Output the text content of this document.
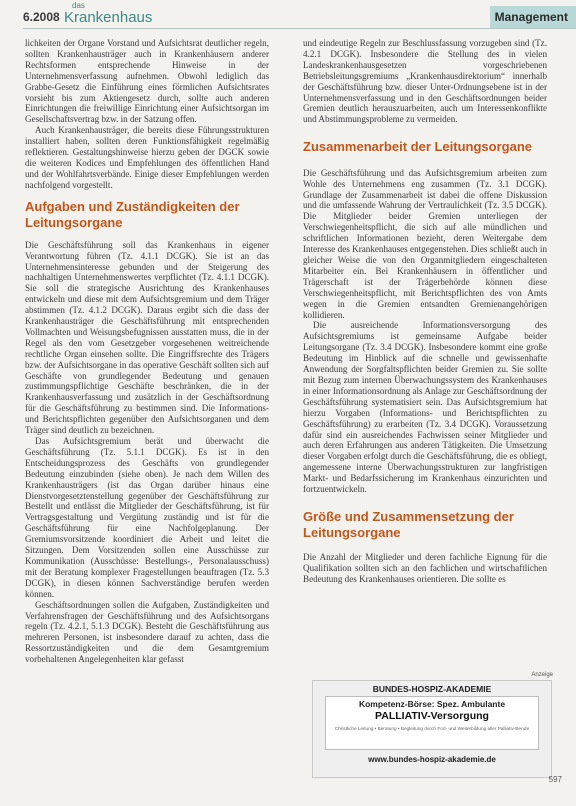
6.2008
das
Krankenhaus	Management

lichkeiten der Organe Vorstand und Aufsichtsrat deutlicher regeln, sollten Krankenhausträger auch in Krankenhäusern anderer Rechtsformen entsprechende Hinweise in der Unternehmensverfassung aufnehmen. Obwohl lediglich das Grabbe-Gesetz die Einführung eines förmlichen Aufsichtsrates vorsieht bis zum Aktiengesetz durch, sollte auch anderen Einrichtungen die freiwillige Einrichtung einer Aufsichtsorgan im Gesellschaftsvertrag bzw. in der Satzung offen.

Auch Krankenhausträger, die bereits diese Führungsstrukturen installiert haben, sollten deren Funktionsfähigkeit regelmäßig reflektieren. Gestaltungshinweise hierzu geben der DGCK sowie die weiteren Kodices und Empfehlungen des öffentlichen Hand und der Wohlfahrtsverbände. Einige dieser Empfehlungen werden nachfolgend vorgestellt.

Aufgaben und Zuständigkeiten der Leitungsorgane

Die Geschäftsführung soll das Krankenhaus in eigener Verantwortung führen (Tz. 4.1.1 DCGK). Sie ist an das Unternehmensinteresse gebunden und der Steigerung des nachhaltigen Unternehmenswertes verpflichtet (Tz. 4.1.1 DCGK). Sie soll die strategische Ausrichtung des Krankenhauses entwickeln und diese mit dem Aufsichtsgremium und dem Träger abstimmen (Tz. 4.1.2 DCGK). Daraus ergibt sich die dass der Krankenhausträger die Geschäftsführung mit entsprechenden Vollmachten und Weisungsbefugnissen ausstatten muss, die in der Regel als den vom Gesetzgeber vorgesehenen weitreichende rechtliche Organ einsehen sollte. Die Eingriffsrechte des Trägers bzw. der Aufsichtsorgane in das operative Geschäft sollten sich auf Geschäfte von grundlegender Bedeutung und genauen zustimmungspflichtige Geschäfte beschränken, die in der Krankenhausverfassung und zusätzlich in der Geschäftsordnung für die Geschäftsführung zu bestimmen sind. Die Informations- und Berichtspflichten gegenüber den Aufsichtsorganen und dem Träger sind deutlich zu bezeichnen.

Das Aufsichtsgremium berät und überwacht die Geschäftsführung (Tz. 5.1.1 DCGK). Es ist in den Entscheidungsprozess des Geschäfts von grundlegender Bedeutung einzubinden (siehe oben). Je nach dem Willen des Krankenhausträgers (ist das Organ darüber hinaus eine Dienstvorgesetztenstellung gegenüber der Geschäftsführung zur Bestellt und entlässt die Mitglieder der Geschäftsführung, ist für Vertragsgestaltung und Vergütung zuständig und ist für die Geschäftsführung für eine Nachfolgeplanung. Der Gremiumsvorsitzende koordiniert die Arbeit und leitet die Sitzungen. Dem Vorsitzenden sollen eine Ausschüsse zur Kommunikation (Ausschüsse: Bestellungs-, Personalausschuss) mit der Beratung komplexer Fragestellungen beauftragen (Tz. 5.3 DCGK), in diesen können Sachverständige berufen werden können.

Geschäftsordnungen sollen die Aufgaben, Zuständigkeiten und Verfahrensfragen der Geschäftsführung und des Aufsichtsorgans regeln (Tz. 4.2.1, 5.1.3 DCGK). Besteht die Geschäftsführung aus mehreren Personen, ist insbesondere darauf zu achten, dass die Ressortzuständigkeiten und die dem Gesamtgremium vorbehaltenen Angelegenheiten klar gefasst

und eindeutige Regeln zur Beschlussfassung vorzugeben sind (Tz. 4.2.1 DCGK). Insbesondere die Stellung des in vielen Landeskrankenhausgesetzen vorgeschriebenen Betriebsleitungsgremiums „Krankenhausdirektorium“ innerhalb der Geschäftsführung bzw. dieser Unter-Ordnungsebene ist in der Unternehmensverfassung und in den Geschäftsordnungen beider Gremien deutlich herauszuarbeiten, auch um Interessenkonflikte und Abstimmungsprobleme zu vermeiden.

Zusammenarbeit der Leitungsorgane

Die Geschäftsführung und das Aufsichtsgremium arbeiten zum Wohle des Unternehmens eng zusammen (Tz. 3.1 DCGK). Grundlage der Zusammenarbeit ist dabei die offene Diskussion und die umfassende Wahrung der Vertraulichkeit (Tz. 3.5 DCGK). Die Mitglieder beider Gremien unterliegen der Verschwiegenheitspflicht, die sich auf alle mündlichen und schriftlichen Informationen bezieht, deren Weitergabe dem Interesse des Krankenhauses entgegenstehen. Dies schließt auch in gleicher Weise die von den Organmitgliedern eingeschalteten Mitarbeiter ein. Bei Krankenhäusern in öffentlicher und Trägerschaft ist der Trägerbehörde können diese Verschwiegenheitspflicht, mit Berichtspflichten des von Amts wegen in die Gremien entsandten Gremienangehörigen kollidieren.

Die ausreichende Informationsversorgung des Aufsichtsgremiums ist gemeinsame Aufgabe beider Leitungsorgane (Tz. 3.4 DCGK). Insbesondere kommt eine große Bedeutung im Hinblick auf die schnelle und gewissenhafte Anwendung der Sorgfaltspflichten beider Gremien zu. Sie sollte mit Bezug zum internen Überwachungssystem des Krankenhauses in einer Informationsordnung als Anlage zur Geschäftsordnung der Geschäftsführung systematisiert sein. Das Aufsichtsgremium hat hierzu Vorgaben (Informations- und Berichtspflichten zu Geschäftsführung) zu erarbeiten (Tz. 3.4 DCGK). Voraussetzung dafür sind ein ausreichendes Fachwissen seiner Mitglieder und auch deren Erfahrungen aus anderen Tätigkeiten. Die Umsetzung dieser Vorgaben erfolgt durch die Geschäftsführung, die es obliegt, angemessene interne Überwachungsstrukturen zur langfristigen Markt- und Bedarfssicherung im Krankenhaus einzurichten und fortzuentwickeln.

Größe und Zusammensetzung der Leitungsorgane

Die Anzahl der Mitglieder und deren fachliche Eignung für die Qualifikation sollten sich an den fachlichen und wirtschaftlichen Bedeutung des Krankenhauses orientieren. Die sollte es

Anzeige
BUNDES-HOSPIZ-AKADEMIE
Kompetenz-Börse: Spez. Ambulante
PALLIATIV-Versorgung
Christliche Leitung • Beratung • Begleitung durch Fort- und Weiterbildung aller Palliativ-Berufe
www.bundes-hospiz-akademie.de
597
